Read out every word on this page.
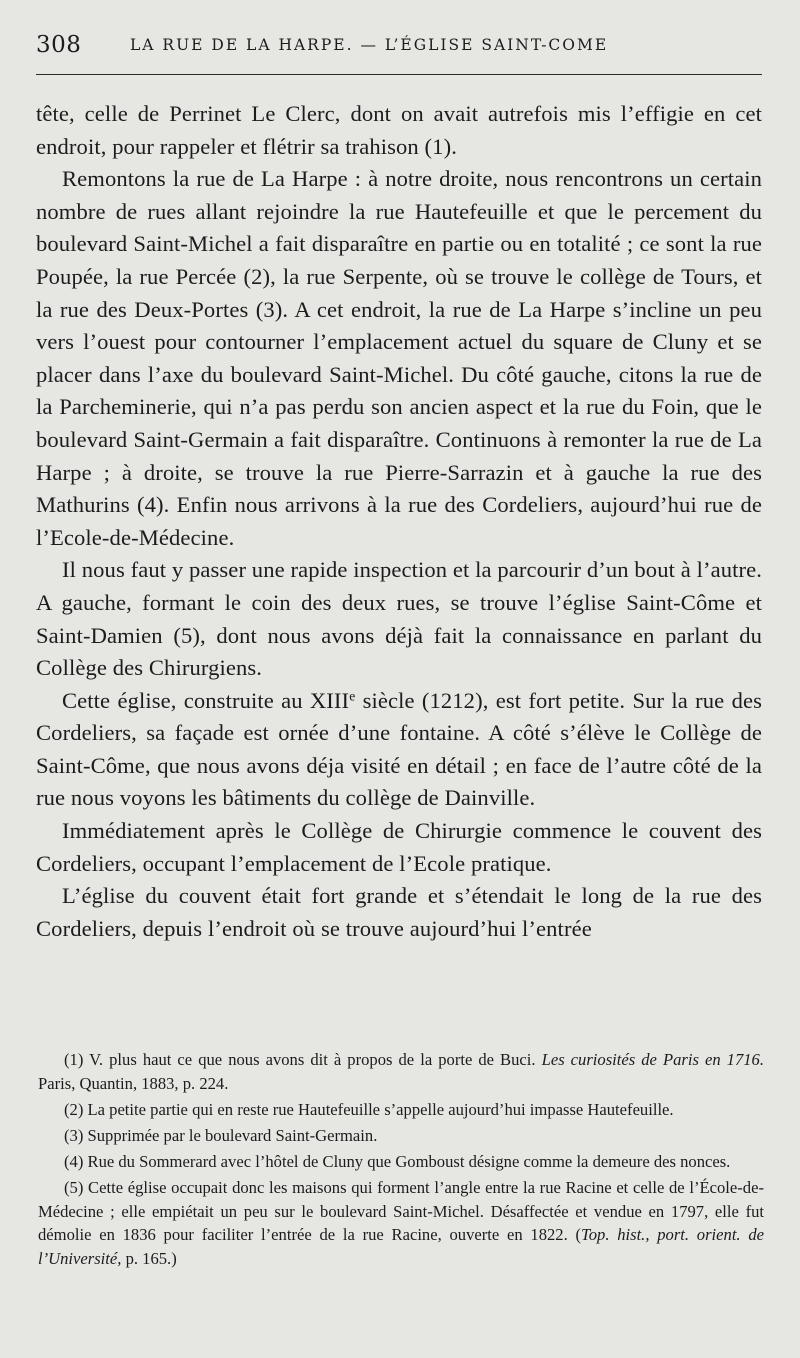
308	LA RUE DE LA HARPE. — L’ÉGLISE SAINT-COME

tête, celle de Perrinet Le Clerc, dont on avait autrefois mis l’effigie en cet endroit, pour rappeler et flétrir sa trahison (1).

Remontons la rue de La Harpe : à notre droite, nous rencontrons un certain nombre de rues allant rejoindre la rue Hautefeuille et que le percement du boulevard Saint-Michel a fait disparaître en partie ou en totalité ; ce sont la rue Poupée, la rue Percée (2), la rue Serpente, où se trouve le collège de Tours, et la rue des Deux-Portes (3). A cet endroit, la rue de La Harpe s’incline un peu vers l’ouest pour contourner l’emplacement actuel du square de Cluny et se placer dans l’axe du boulevard Saint-Michel. Du côté gauche, citons la rue de la Parcheminerie, qui n’a pas perdu son ancien aspect et la rue du Foin, que le boulevard Saint-Germain a fait disparaître. Continuons à remonter la rue de La Harpe ; à droite, se trouve la rue Pierre-Sarrazin et à gauche la rue des Mathurins (4). Enfin nous arrivons à la rue des Cordeliers, aujourd’hui rue de l’Ecole-de-Médecine.

Il nous faut y passer une rapide inspection et la parcourir d’un bout à l’autre. A gauche, formant le coin des deux rues, se trouve l’église Saint-Côme et Saint-Damien (5), dont nous avons déjà fait la connaissance en parlant du Collège des Chirurgiens.

Cette église, construite au XIIIe siècle (1212), est fort petite. Sur la rue des Cordeliers, sa façade est ornée d’une fontaine. A côté s’élève le Collège de Saint-Côme, que nous avons déja visité en détail ; en face de l’autre côté de la rue nous voyons les bâtiments du collège de Dainville.

Immédiatement après le Collège de Chirurgie commence le couvent des Cordeliers, occupant l’emplacement de l’Ecole pratique.

L’église du couvent était fort grande et s’étendait le long de la rue des Cordeliers, depuis l’endroit où se trouve aujourd’hui l’entrée

(1) V. plus haut ce que nous avons dit à propos de la porte de Buci. Les curiosités de Paris en 1716. Paris, Quantin, 1883, p. 224.

(2) La petite partie qui en reste rue Hautefeuille s’appelle aujourd’hui impasse Hautefeuille.

(3) Supprimée par le boulevard Saint-Germain.

(4) Rue du Sommerard avec l’hôtel de Cluny que Gomboust désigne comme la demeure des nonces.

(5) Cette église occupait donc les maisons qui forment l’angle entre la rue Racine et celle de l’École-de-Médecine ; elle empiétait un peu sur le boulevard Saint-Michel. Désaffectée et vendue en 1797, elle fut démolie en 1836 pour faciliter l’entrée de la rue Racine, ouverte en 1822. (Top. hist., port. orient. de l’Université, p. 165.)
